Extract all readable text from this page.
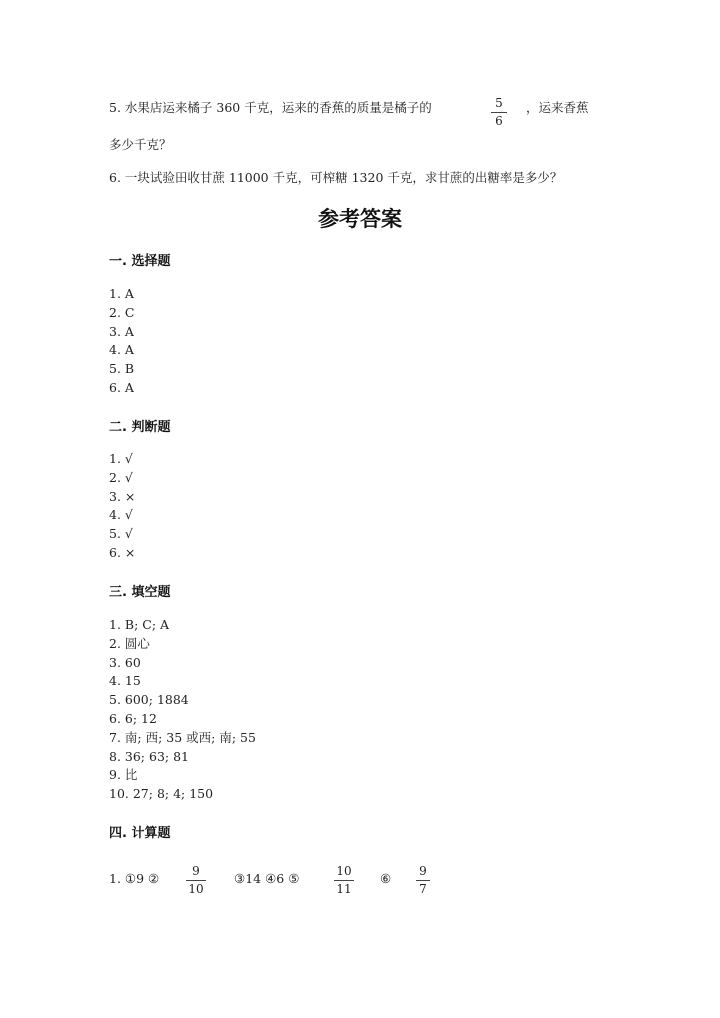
5. 水果店运来橘子 360 千克，运来的香蕉的质量是橘子的	5
6
，运来香蕉
多少千克？
6. 一块试验田收甘蔗 11000 千克，可榨糖 1320 千克，求甘蔗的出糖率是多少？
参考答案
一. 选择题
1. A
2. C
3. A
4. A
5. B
6. A
二. 判断题
1. √
2. √
3. ×
4. √
5. √
6. ×
三. 填空题
1. B; C; A
2. 圆心
3. 60
4. 15
5. 600; 1884
6. 6; 12
7. 南; 西; 35 或西; 南; 55
8. 36; 63; 81
9. 比
10. 27; 8; 4; 150
四. 计算题
1. ①9 ②	9
10
③14 ④6 ⑤	10
11
⑥ 9
7
